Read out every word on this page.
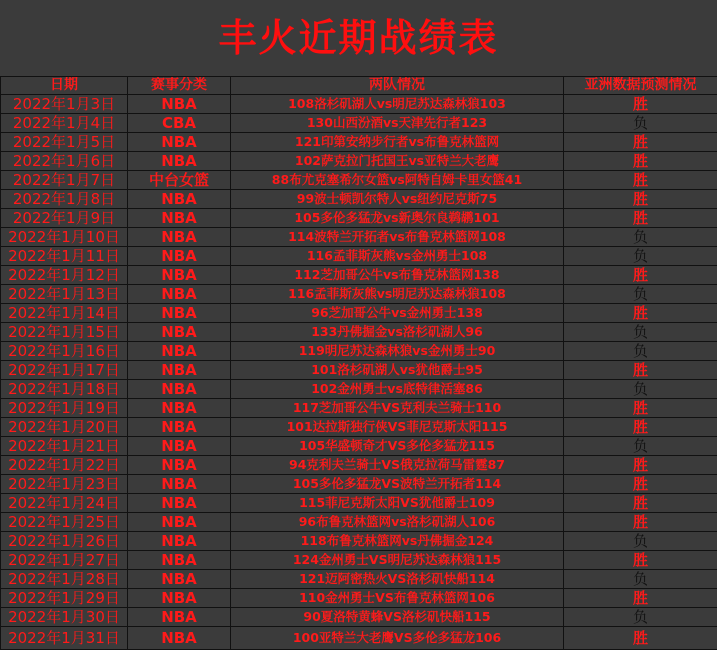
丰火近期战绩表
日期	赛事分类	两队情况	亚洲数据预测情况
2022年1月3日	NBA	108洛杉矶湖人vs明尼苏达森林狼103	胜
2022年1月4日	CBA	130山西汾酒vs天津先行者123	负
2022年1月5日	NBA	121印第安纳步行者vs布鲁克林篮网	胜
2022年1月6日	NBA	102萨克拉门托国王vs亚特兰大老鹰	胜
2022年1月7日	中台女篮	88布尤克塞希尔女篮vs阿特自姆卡里女篮41	胜
2022年1月8日	NBA	99波士顿凯尔特人vs纽约尼克斯75	胜
2022年1月9日	NBA	105多伦多猛龙vs新奥尔良鹈鹕101	胜
2022年1月10日	NBA	114波特兰开拓者vs布鲁克林篮网108	负
2022年1月11日	NBA	116孟菲斯灰熊vs金州勇士108	负
2022年1月12日	NBA	112芝加哥公牛vs布鲁克林篮网138	胜
2022年1月13日	NBA	116孟菲斯灰熊vs明尼苏达森林狼108	负
2022年1月14日	NBA	96芝加哥公牛vs金州勇士138	胜
2022年1月15日	NBA	133丹佛掘金vs洛杉矶湖人96	负
2022年1月16日	NBA	119明尼苏达森林狼vs金州勇士90	负
2022年1月17日	NBA	101洛杉矶湖人vs犹他爵士95	胜
2022年1月18日	NBA	102金州勇士vs底特律活塞86	负
2022年1月19日	NBA	117芝加哥公牛VS克利夫兰骑士110	胜
2022年1月20日	NBA	101达拉斯独行侠VS菲尼克斯太阳115	胜
2022年1月21日	NBA	105华盛顿奇才VS多伦多猛龙115	负
2022年1月22日	NBA	94克利夫兰骑士VS俄克拉荷马雷霆87	胜
2022年1月23日	NBA	105多伦多猛龙VS波特兰开拓者114	胜
2022年1月24日	NBA	115菲尼克斯太阳VS犹他爵士109	胜
2022年1月25日	NBA	96布鲁克林篮网vs洛杉矶湖人106	胜
2022年1月26日	NBA	118布鲁克林篮网vs丹佛掘金124	负
2022年1月27日	NBA	124金州勇士VS明尼苏达森林狼115	胜
2022年1月28日	NBA	121迈阿密热火VS洛杉矶快船114	负
2022年1月29日	NBA	110金州勇士VS布鲁克林篮网106	胜
2022年1月30日	NBA	90夏洛特黄蜂VS洛杉矶快船115	负
2022年1月31日	NBA	100亚特兰大老鹰VS多伦多猛龙106	胜
